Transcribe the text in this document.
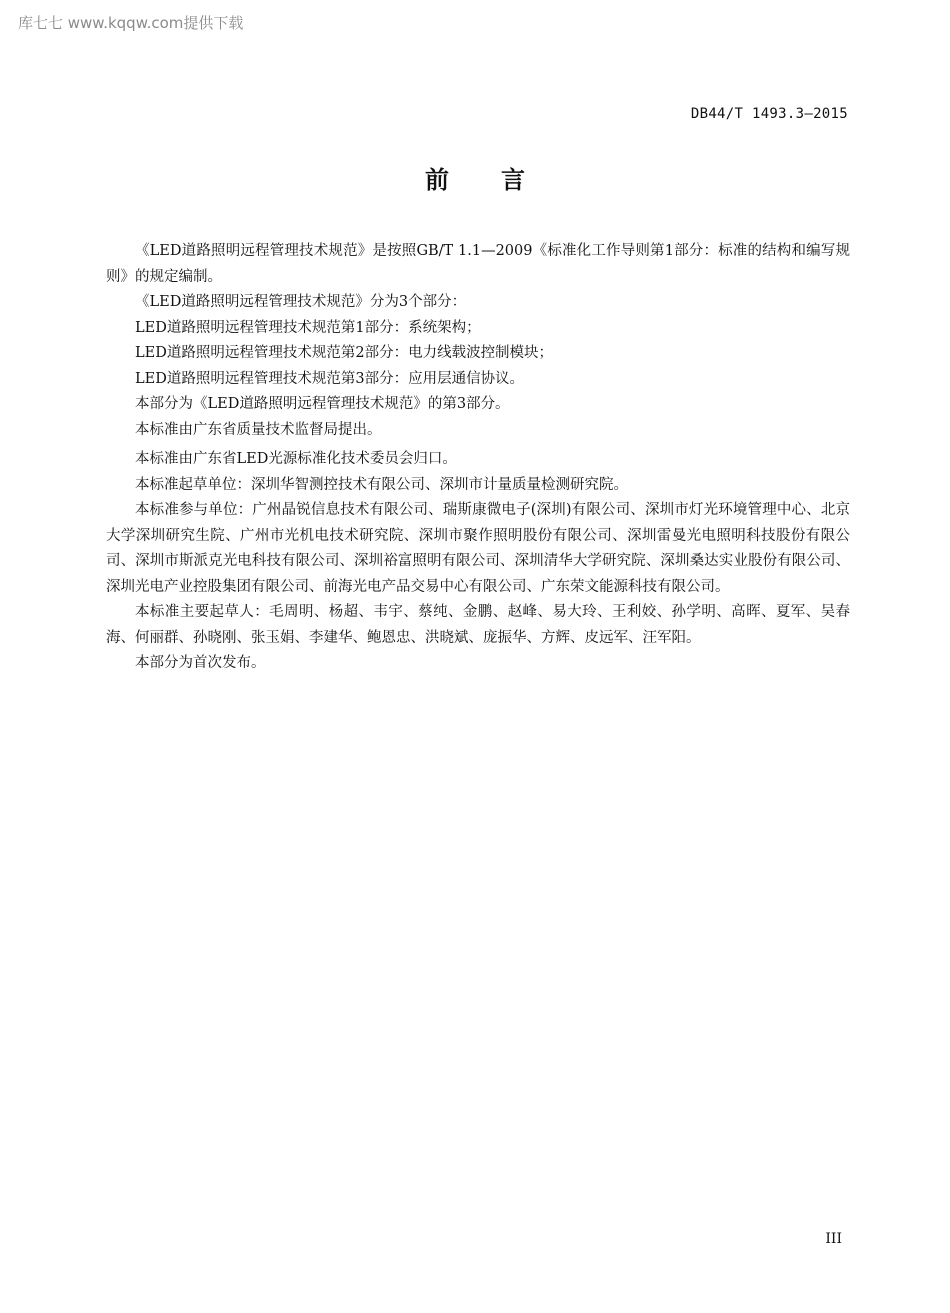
库七七 www.kqqw.com提供下载
DB44/T 1493.3—2015
前言

《LED道路照明远程管理技术规范》是按照GB/T 1.1—2009《标准化工作导则第1部分：标准的结构和编写规则》的规定编制。

《LED道路照明远程管理技术规范》分为3个部分：

LED道路照明远程管理技术规范第1部分：系统架构；

LED道路照明远程管理技术规范第2部分：电力线载波控制模块；

LED道路照明远程管理技术规范第3部分：应用层通信协议。

本部分为《LED道路照明远程管理技术规范》的第3部分。

本标准由广东省质量技术监督局提出。

本标准由广东省LED光源标准化技术委员会归口。

本标准起草单位：深圳华智测控技术有限公司、深圳市计量质量检测研究院。

本标准参与单位：广州晶锐信息技术有限公司、瑞斯康微电子(深圳)有限公司、深圳市灯光环境管理中心、北京大学深圳研究生院、广州市光机电技术研究院、深圳市聚作照明股份有限公司、深圳雷曼光电照明科技股份有限公司、深圳市斯派克光电科技有限公司、深圳裕富照明有限公司、深圳清华大学研究院、深圳桑达实业股份有限公司、深圳光电产业控股集团有限公司、前海光电产品交易中心有限公司、广东荣文能源科技有限公司。

本标准主要起草人：毛周明、杨超、韦宇、蔡纯、金鹏、赵峰、易大玲、王利姣、孙学明、高晖、夏军、吴春海、何丽群、孙晓刚、张玉娟、李建华、鲍恩忠、洪晓斌、庞振华、方辉、皮远军、汪军阳。

本部分为首次发布。

III
